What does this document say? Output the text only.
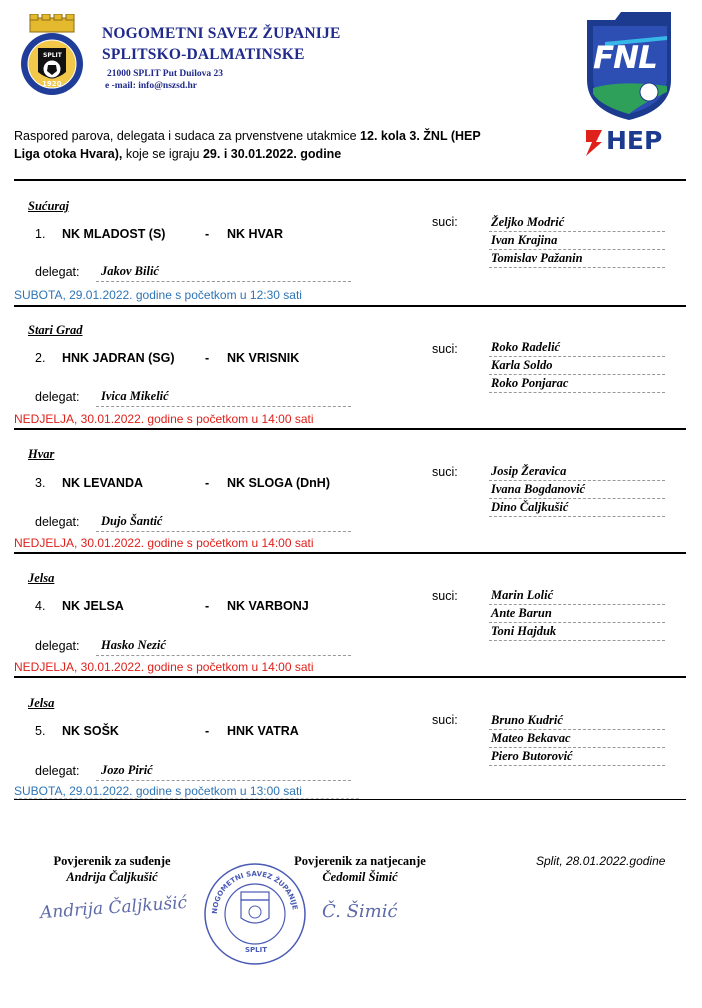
SPLIT
1920
NOGOMETNI SAVEZ ŽUPANIJE
SPLITSKO-DALMATINSKE
21000 SPLIT Put Duilova 23
e -mail: info@nszsd.hr
FNL
HEP
Raspored parova, delegata i sudaca za prvenstvene utakmice 12. kola 3. ŽNL (HEP
Liga otoka Hvara), koje se igraju 29. i 30.01.2022. godine
Sućuraj
1. NK MLADOST (S)	- NK HVAR
suci:	Željko Modrić
Ivan Krajina
Tomislav Pažanin
delegat: Jakov Bilić
SUBOTA, 29.01.2022. godine s početkom u 12:30 sati
Stari Grad
2. HNK JADRAN (SG) - NK VRISNIK
suci:	Roko Radelić
Karla Soldo
Roko Ponjarac
delegat: Ivica Mikelić
NEDJELJA, 30.01.2022. godine s početkom u 14:00 sati
Hvar
3. NK LEVANDA	- NK SLOGA (DnH)
suci:	Josip Žeravica
Ivana Bogdanović
Dino Čaljkušić
delegat: Dujo Šantić
NEDJELJA, 30.01.2022. godine s početkom u 14:00 sati
Jelsa
4. NK JELSA	- NK VARBONJ
suci:	Marin Lolić
Ante Barun
Toni Hajduk
delegat: Hasko Nezić
NEDJELJA, 30.01.2022. godine s početkom u 14:00 sati
Jelsa
5. NK SOŠK	- HNK VATRA
suci:	Bruno Kudrić
Mateo Bekavac
Piero Butorović
delegat: Jozo Pirić
SUBOTA, 29.01.2022. godine s početkom u 13:00 sati
Povjerenik za suđenje
Andrija Čaljkušić
Andrija Čaljkušić	NOGOMETNI SAVEZ ŽUPANIJE
SPLIT
Povjerenik za natjecanje
Čedomil Šimić
Č. Šimić
Split, 28.01.2022.godine
